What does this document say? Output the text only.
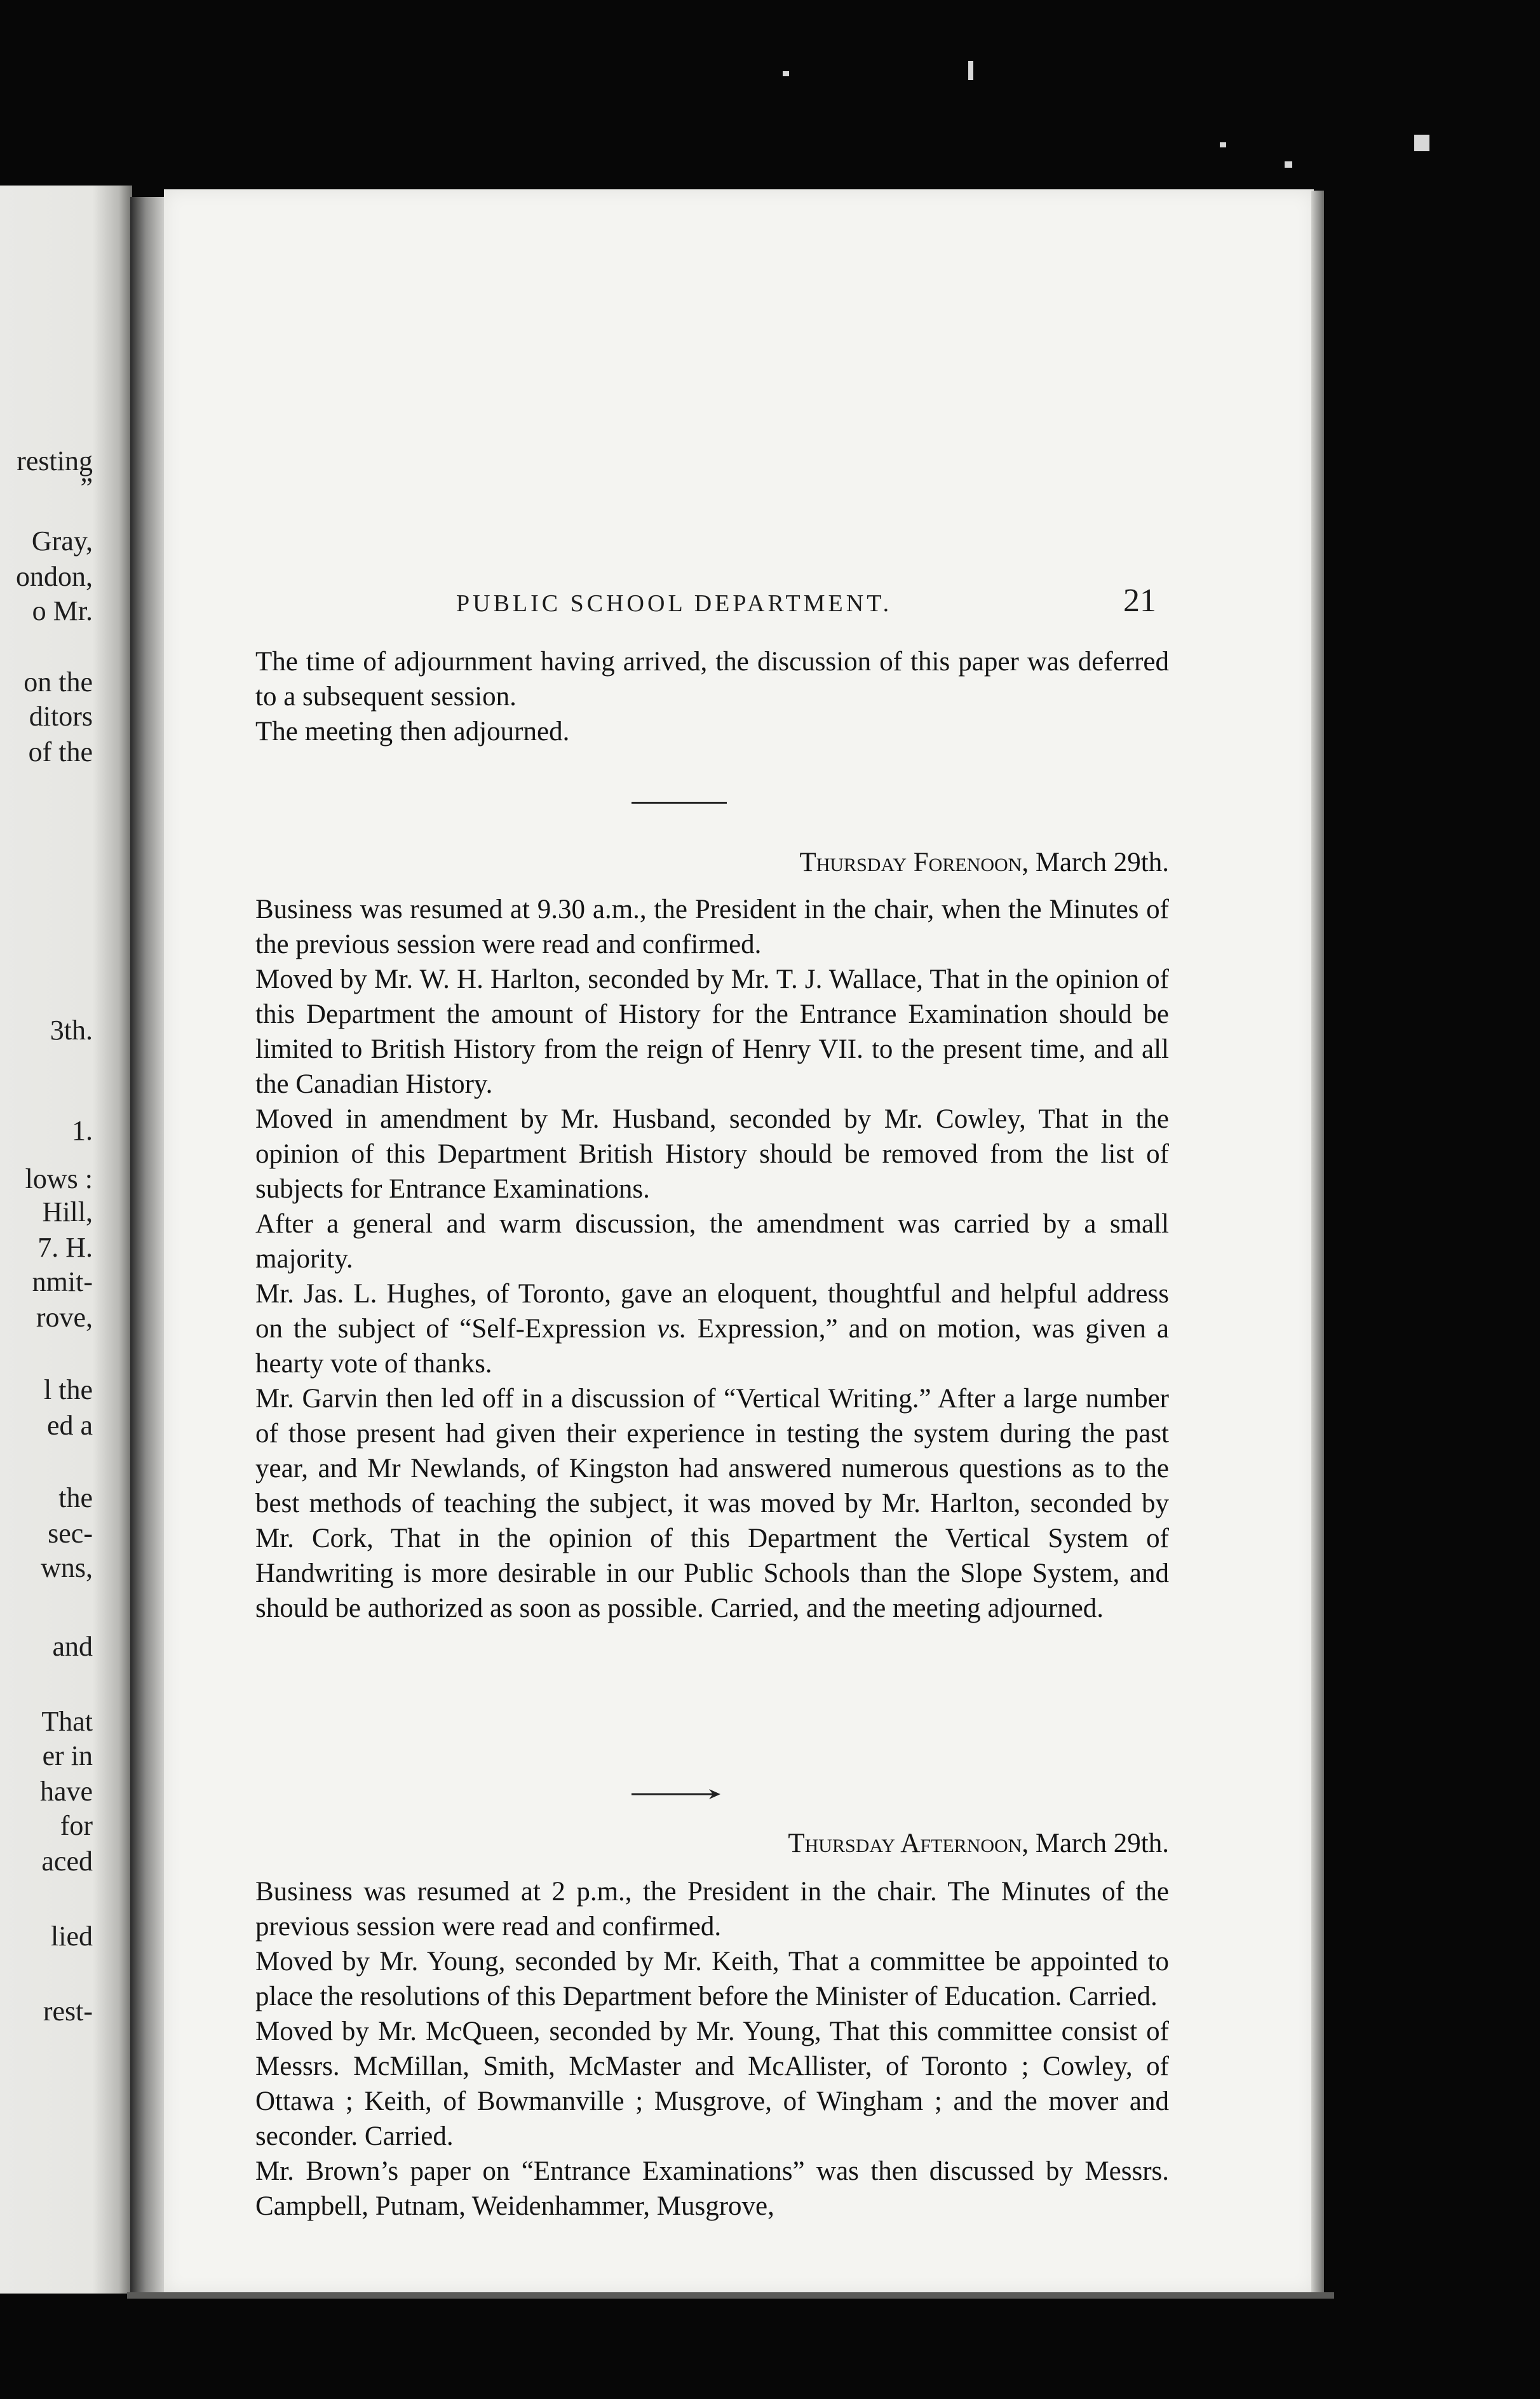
resting
”
Gray,
ondon,
o Mr.
on the
ditors
of the
3th.
1.
lows :
Hill,
7. H.
nmit-
rove,
l the
ed a
the
sec-
wns,
and
That
er in
have
for
aced
lied
rest-
PUBLIC SCHOOL DEPARTMENT.	21
The time of adjournment having arrived, the discussion of this paper was deferred to a subsequent session.
The meeting then adjourned.
Thursday Forenoon, March 29th.
Business was resumed at 9.30 a.m., the President in the chair, when the Minutes of the previous session were read and confirmed.
Moved by Mr. W. H. Harlton, seconded by Mr. T. J. Wallace, That in the opinion of this Department the amount of History for the Entrance Examination should be limited to British History from the reign of Henry VII. to the present time, and all the Canadian History.
Moved in amendment by Mr. Husband, seconded by Mr. Cowley, That in the opinion of this Department British History should be removed from the list of subjects for Entrance Examinations.
After a general and warm discussion, the amendment was carried by a small majority.
Mr. Jas. L. Hughes, of Toronto, gave an eloquent, thoughtful and helpful address on the subject of “Self-Expression vs. Expression,” and on motion, was given a hearty vote of thanks.
Mr. Garvin then led off in a discussion of “Vertical Writing.” After a large number of those present had given their experience in testing the system during the past year, and Mr Newlands, of Kingston had answered numerous questions as to the best methods of teaching the subject, it was moved by Mr. Harlton, seconded by Mr. Cork, That in the opinion of this Department the Vertical System of Handwriting is more desirable in our Public Schools than the Slope System, and should be authorized as soon as possible. Carried, and the meeting adjourned.
Thursday Afternoon, March 29th.
Business was resumed at 2 p.m., the President in the chair. The Minutes of the previous session were read and confirmed.
Moved by Mr. Young, seconded by Mr. Keith, That a committee be appointed to place the resolutions of this Department before the Minister of Education. Carried.
Moved by Mr. McQueen, seconded by Mr. Young, That this committee consist of Messrs. McMillan, Smith, McMaster and McAllister, of Toronto ; Cowley, of Ottawa ; Keith, of Bowmanville ; Musgrove, of Wingham ; and the mover and seconder. Carried.
Mr. Brown’s paper on “Entrance Examinations” was then discussed by Messrs. Campbell, Putnam, Weidenhammer, Musgrove,
